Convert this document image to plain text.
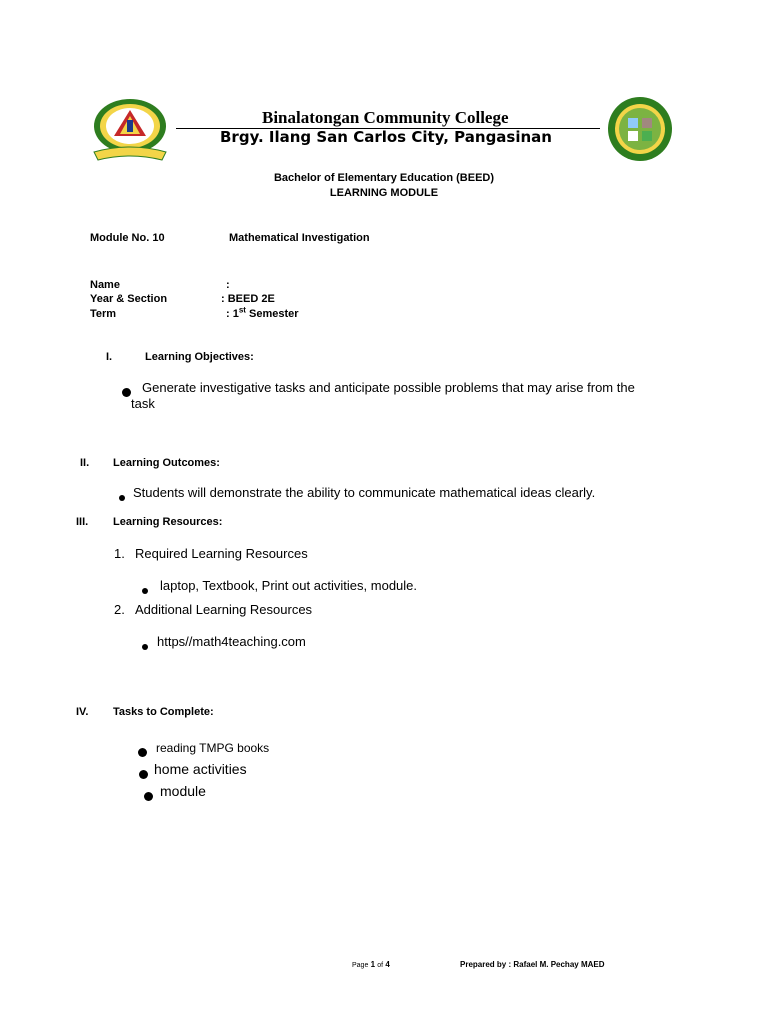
Binalatongan Community College
Brgy. Ilang San Carlos City, Pangasinan
Bachelor of Elementary Education (BEED)
LEARNING MODULE
Module No. 10	Mathematical Investigation
Name	:
Year & Section	: BEED 2E
Term	: 1st Semester
I.	Learning Objectives:
Generate investigative tasks and anticipate possible problems that may arise from the
task
II. Learning Outcomes:
Students will demonstrate the ability to communicate mathematical ideas clearly.
III. Learning Resources:
1. Required Learning Resources
laptop, Textbook, Print out activities, module.
2. Additional Learning Resources
https//math4teaching.com
IV. Tasks to Complete:
reading TMPG books
home activities
module
Page 1 of 4	Prepared by : Rafael M. Pechay MAED
